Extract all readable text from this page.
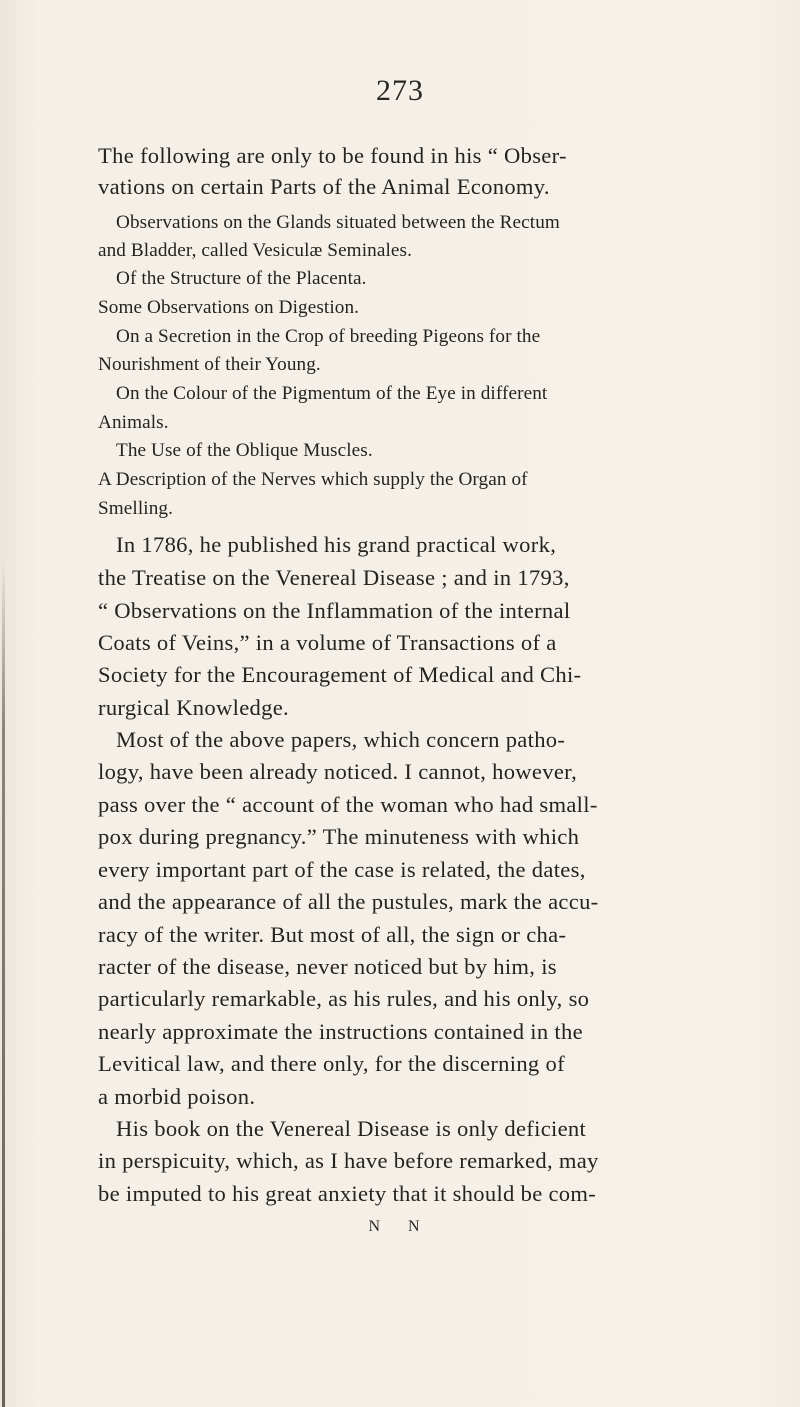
273
The following are only to be found in his “ Obser-
vations on certain Parts of the Animal Economy.
Observations on the Glands situated between the Rectum
and Bladder, called Vesiculæ Seminales.
Of the Structure of the Placenta.
Some Observations on Digestion.
On a Secretion in the Crop of breeding Pigeons for the
Nourishment of their Young.
On the Colour of the Pigmentum of the Eye in different
Animals.
The Use of the Oblique Muscles.
A Description of the Nerves which supply the Organ of
Smelling.
In 1786, he published his grand practical work,
the Treatise on the Venereal Disease ; and in 1793,
“ Observations on the Inflammation of the internal
Coats of Veins,” in a volume of Transactions of a
Society for the Encouragement of Medical and Chi-
rurgical Knowledge.
Most of the above papers, which concern patho-
logy, have been already noticed. I cannot, however,
pass over the “ account of the woman who had small-
pox during pregnancy.” The minuteness with which
every important part of the case is related, the dates,
and the appearance of all the pustules, mark the accu-
racy of the writer. But most of all, the sign or cha-
racter of the disease, never noticed but by him, is
particularly remarkable, as his rules, and his only, so
nearly approximate the instructions contained in the
Levitical law, and there only, for the discerning of
a morbid poison.
His book on the Venereal Disease is only deficient
in perspicuity, which, as I have before remarked, may
be imputed to his great anxiety that it should be com-
N N
